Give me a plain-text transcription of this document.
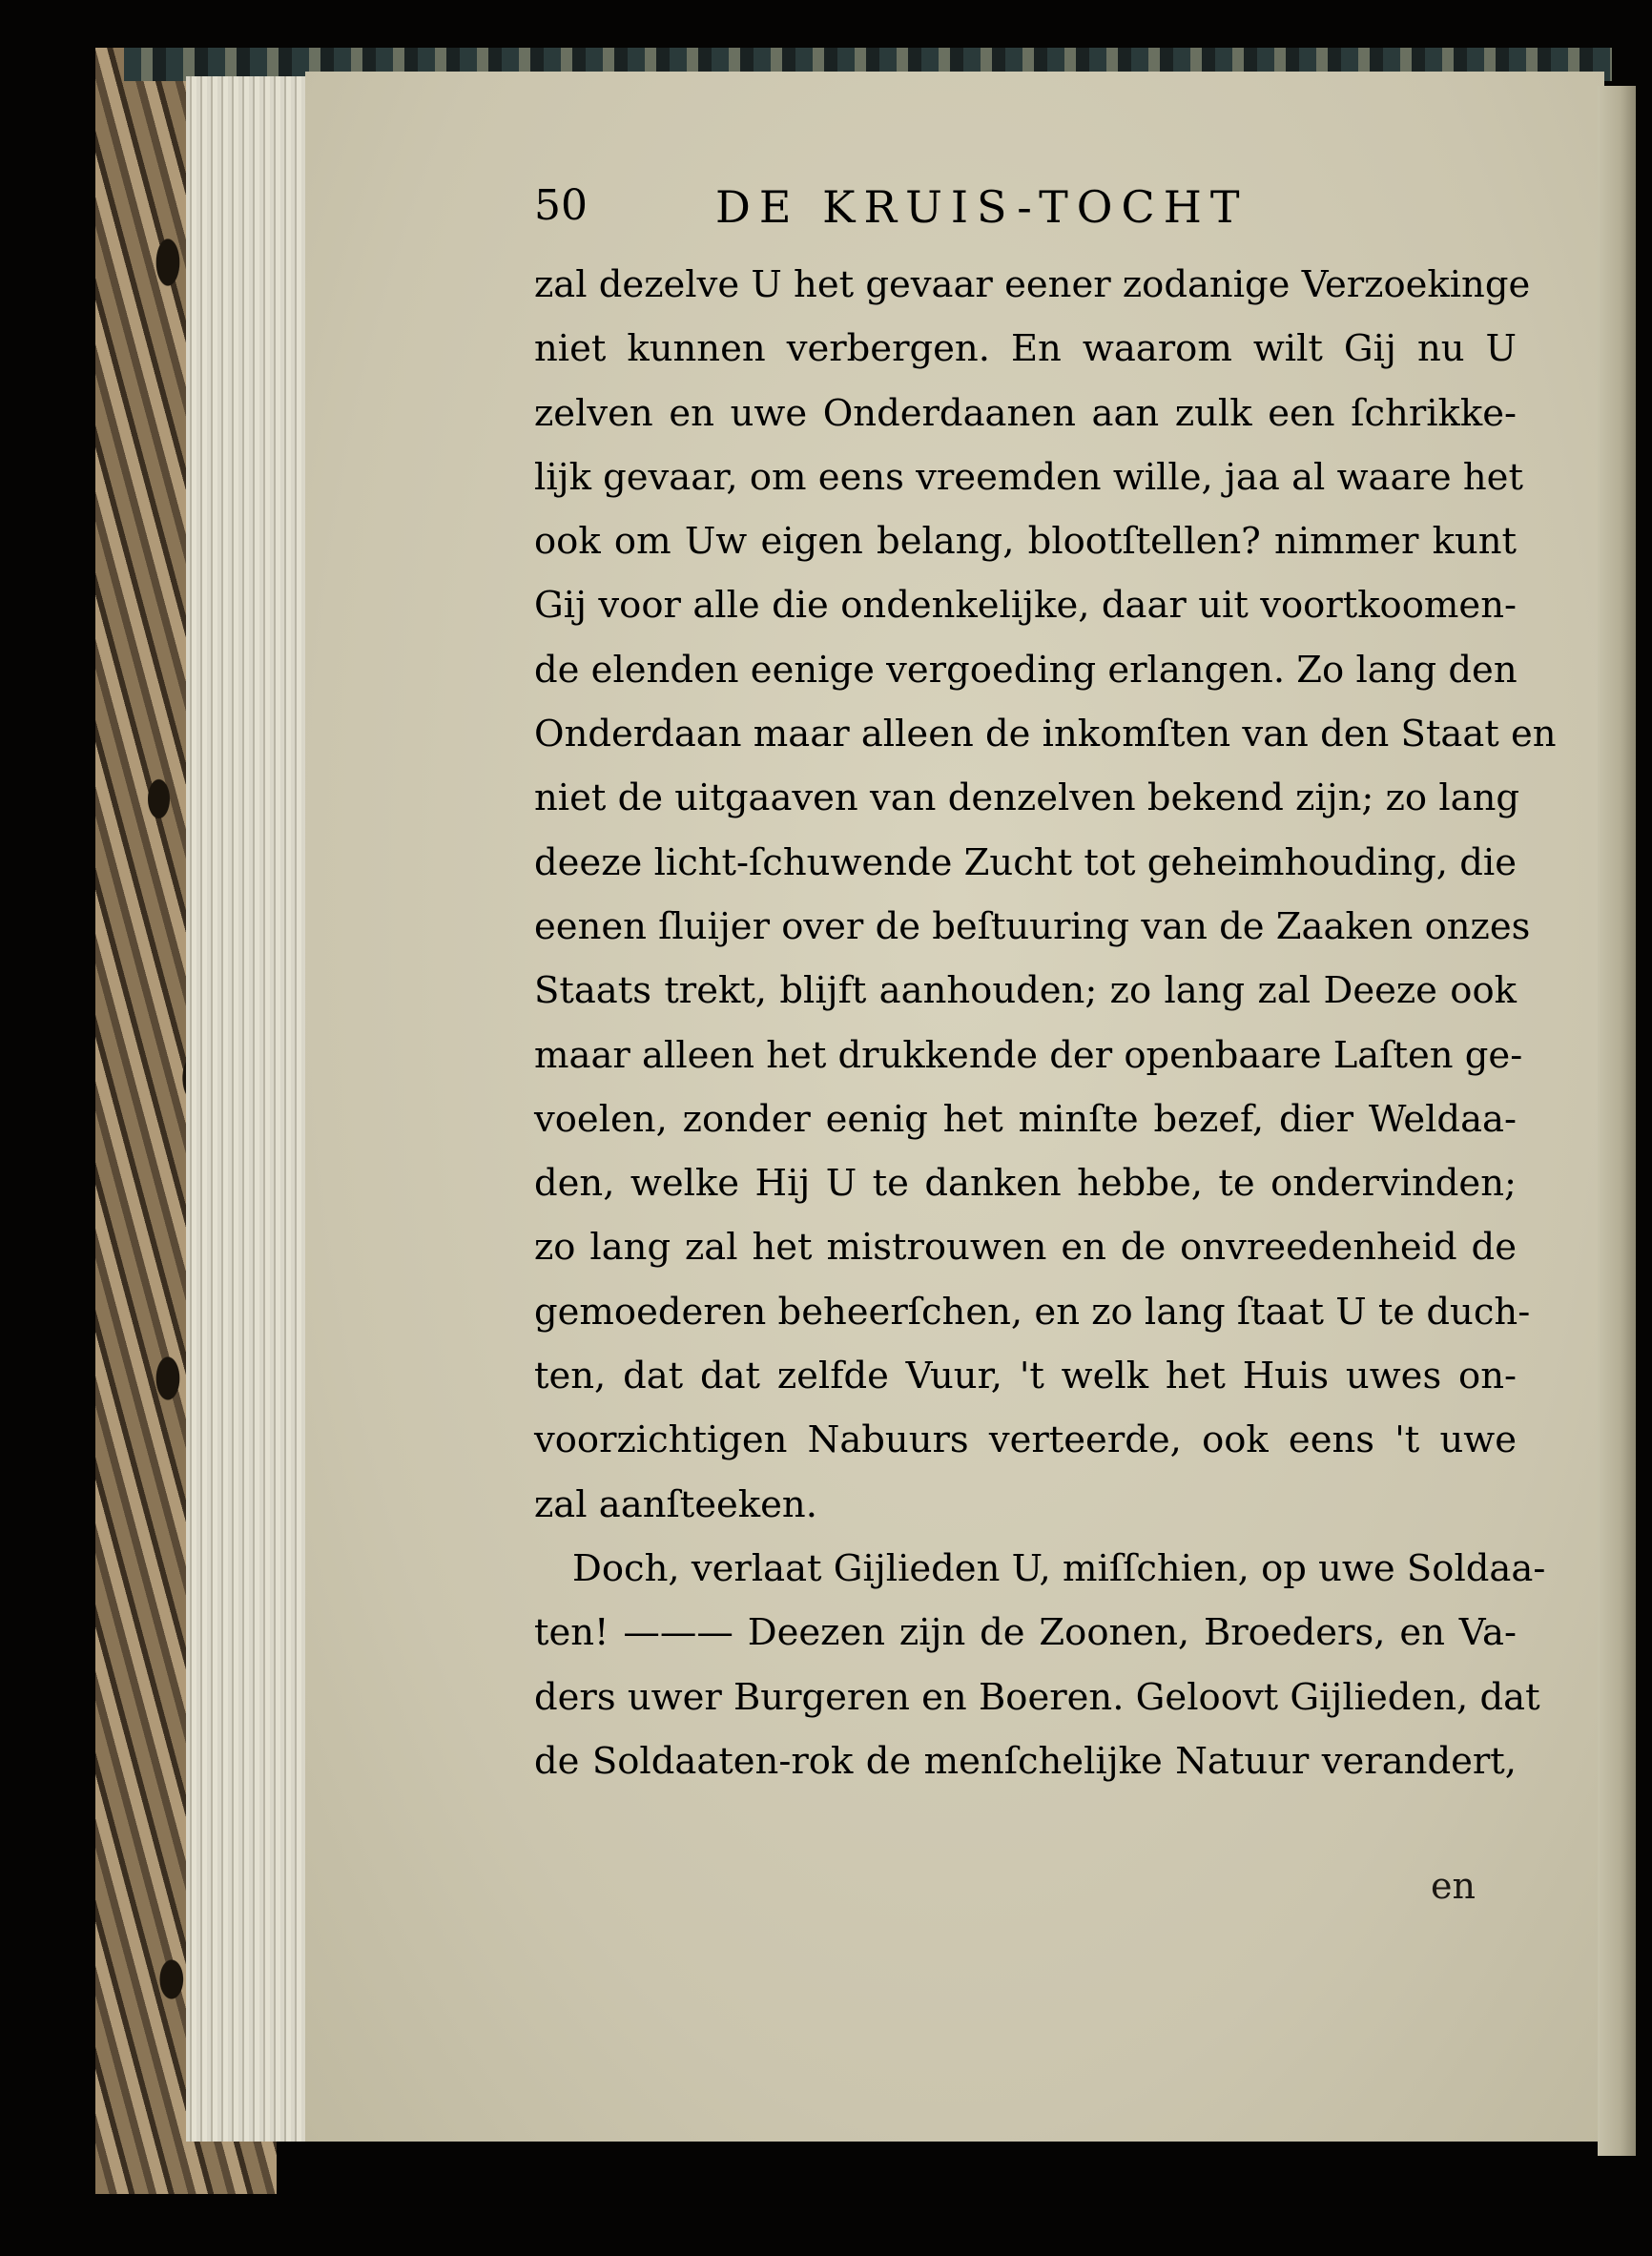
50	DE KRUIS-TOCHT
zal dezelve U het gevaar eener zodanige Verzoekinge
niet kunnen verbergen. En waarom wilt Gij nu U
zelven en uwe Onderdaanen aan zulk een ſchrikke-
lijk gevaar, om eens vreemden wille, jaa al waare het
ook om Uw eigen belang, blootſtellen? nimmer kunt
Gij voor alle die ondenkelijke, daar uit voortkoomen-
de elenden eenige vergoeding erlangen. Zo lang den
Onderdaan maar alleen de inkomſten van den Staat en
niet de uitgaaven van denzelven bekend zijn; zo lang
deeze licht-ſchuwende Zucht tot geheimhouding, die
eenen ſluijer over de beſtuuring van de Zaaken onzes
Staats trekt, blijft aanhouden; zo lang zal Deeze ook
maar alleen het drukkende der openbaare Laſten ge-
voelen, zonder eenig het minſte bezef, dier Weldaa-
den, welke Hij U te danken hebbe, te ondervinden;
zo lang zal het mistrouwen en de onvreedenheid de
gemoederen beheerſchen, en zo lang ſtaat U te duch-
ten, dat dat zelfde Vuur, 't welk het Huis uwes on-
voorzichtigen Nabuurs verteerde, ook eens 't uwe
zal aanſteeken.
Doch, verlaat Gijlieden U, miſſchien, op uwe Soldaa-
ten! ——— Deezen zijn de Zoonen, Broeders, en Va-
ders uwer Burgeren en Boeren. Geloovt Gijlieden, dat
de Soldaaten-rok de menſchelijke Natuur verandert,
en
